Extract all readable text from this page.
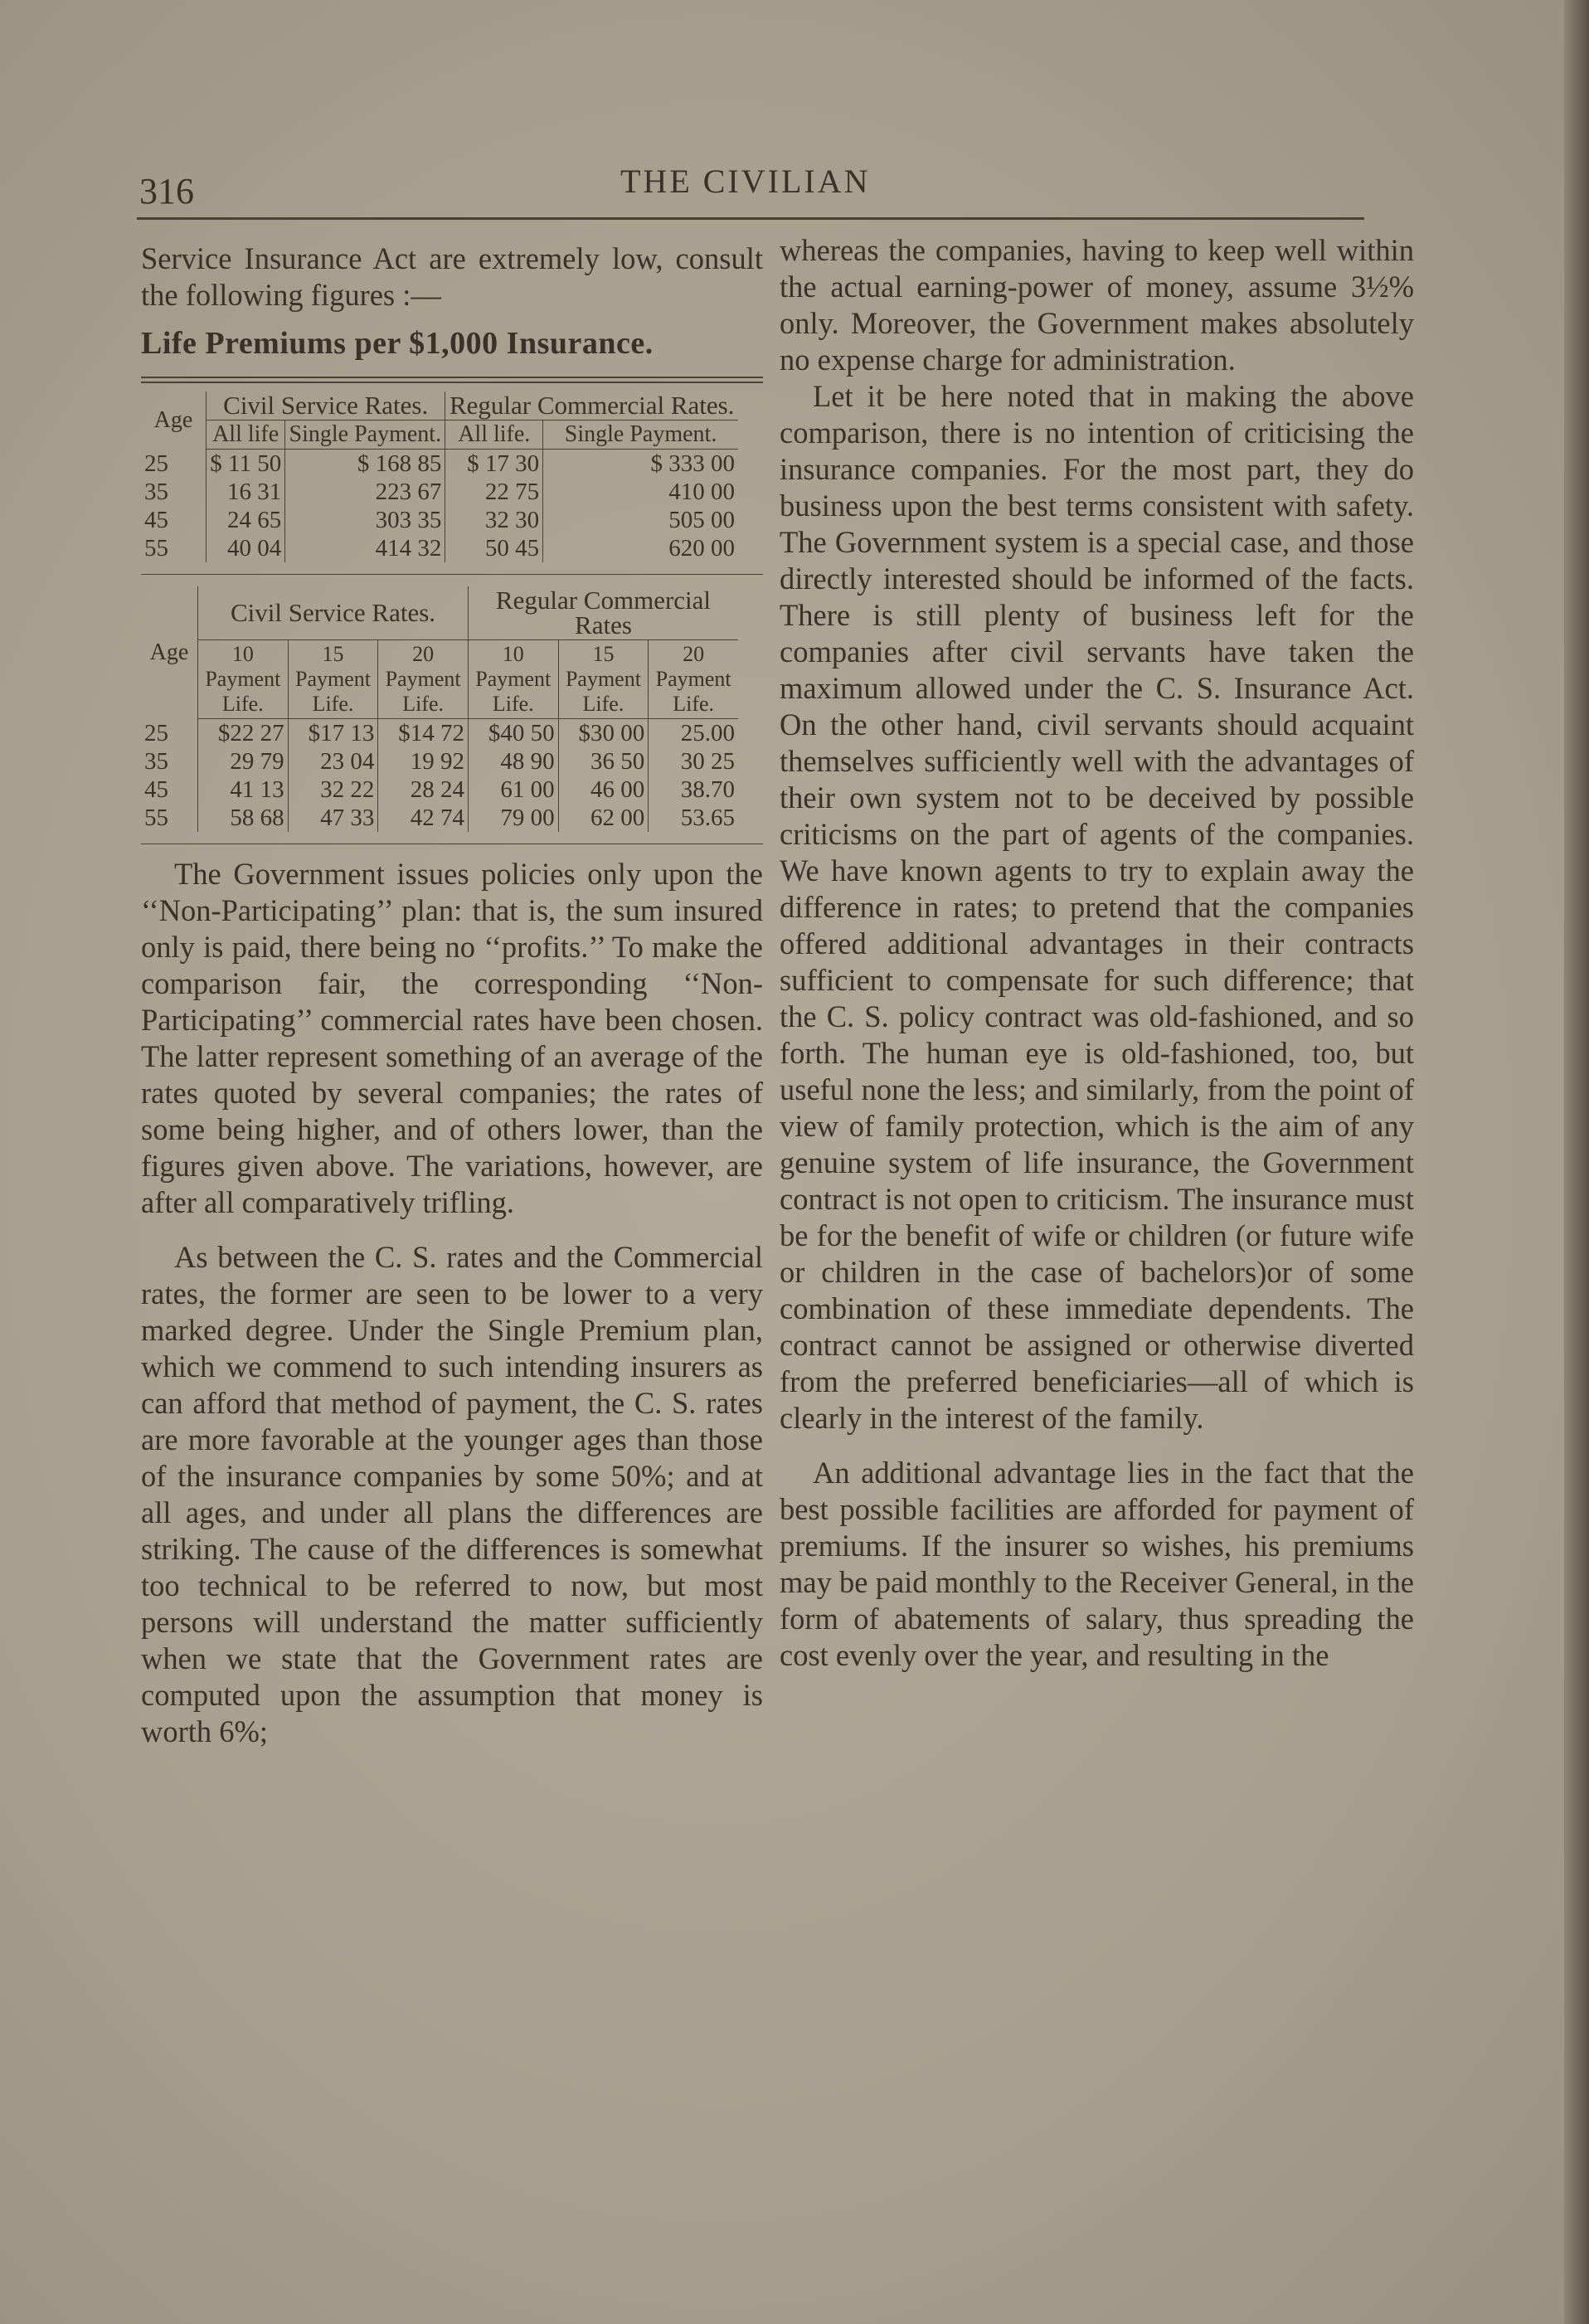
316	THE CIVILIAN

Service Insurance Act are extremely low, consult the following figures :—

Life Premiums per $1,000 Insurance.
Age	Civil Service Rates.		Regular Commercial Rates.	
	All life	Single Payment.	All life.	Single Payment.
25	$ 11 50	$ 168 85	$ 17 30	$ 333 00
35	16 31	223 67	22 75	410 00
45	24 65	303 35	32 30	505 00
55	40 04	414 32	50 45	620 00
Age	Civil Service Rates.			Regular Commercial Rates		
	10 Payment Life.	15 Payment Life.	20 Payment Life.	10 Payment Life.	15 Payment Life.	20 Payment Life.
25	$22 27	$17 13	$14 72	$40 50	$30 00	25.00
35	29 79	23 04	19 92	48 90	36 50	30 25
45	41 13	32 22	28 24	61 00	46 00	38.70
55	58 68	47 33	42 74	79 00	62 00	53.65

The Government issues policies only upon the ‘‘Non-Participating’’ plan: that is, the sum insured only is paid, there being no ‘‘profits.’’ To make the comparison fair, the corresponding ‘‘Non-Participating’’ commercial rates have been chosen. The latter represent something of an average of the rates quoted by several companies; the rates of some being higher, and of others lower, than the figures given above. The variations, however, are after all comparatively trifling.

As between the C. S. rates and the Commercial rates, the former are seen to be lower to a very marked degree. Under the Single Premium plan, which we commend to such intending insurers as can afford that method of payment, the C. S. rates are more favorable at the younger ages than those of the insurance companies by some 50%; and at all ages, and under all plans the differences are striking. The cause of the differences is somewhat too technical to be referred to now, but most persons will understand the matter sufficiently when we state that the Government rates are computed upon the assumption that money is worth 6%;

whereas the companies, having to keep well within the actual earning-power of money, assume 3½% only. Moreover, the Government makes absolutely no expense charge for administration.

Let it be here noted that in making the above comparison, there is no intention of criticising the insurance companies. For the most part, they do business upon the best terms consistent with safety. The Government system is a special case, and those directly interested should be informed of the facts. There is still plenty of business left for the companies after civil servants have taken the maximum allowed under the C. S. Insurance Act. On the other hand, civil servants should acquaint themselves sufficiently well with the advantages of their own system not to be deceived by possible criticisms on the part of agents of the companies. We have known agents to try to explain away the difference in rates; to pretend that the companies offered additional advantages in their contracts sufficient to compensate for such difference; that the C. S. policy contract was old-fashioned, and so forth. The human eye is old-fashioned, too, but useful none the less; and similarly, from the point of view of family protection, which is the aim of any genuine system of life insurance, the Government contract is not open to criticism. The insurance must be for the benefit of wife or children (or future wife or children in the case of bachelors)or of some combination of these immediate dependents. The contract cannot be assigned or otherwise diverted from the preferred beneficiaries—all of which is clearly in the interest of the family.

An additional advantage lies in the fact that the best possible facilities are afforded for payment of premiums. If the insurer so wishes, his premiums may be paid monthly to the Receiver General, in the form of abatements of salary, thus spreading the cost evenly over the year, and resulting in the
